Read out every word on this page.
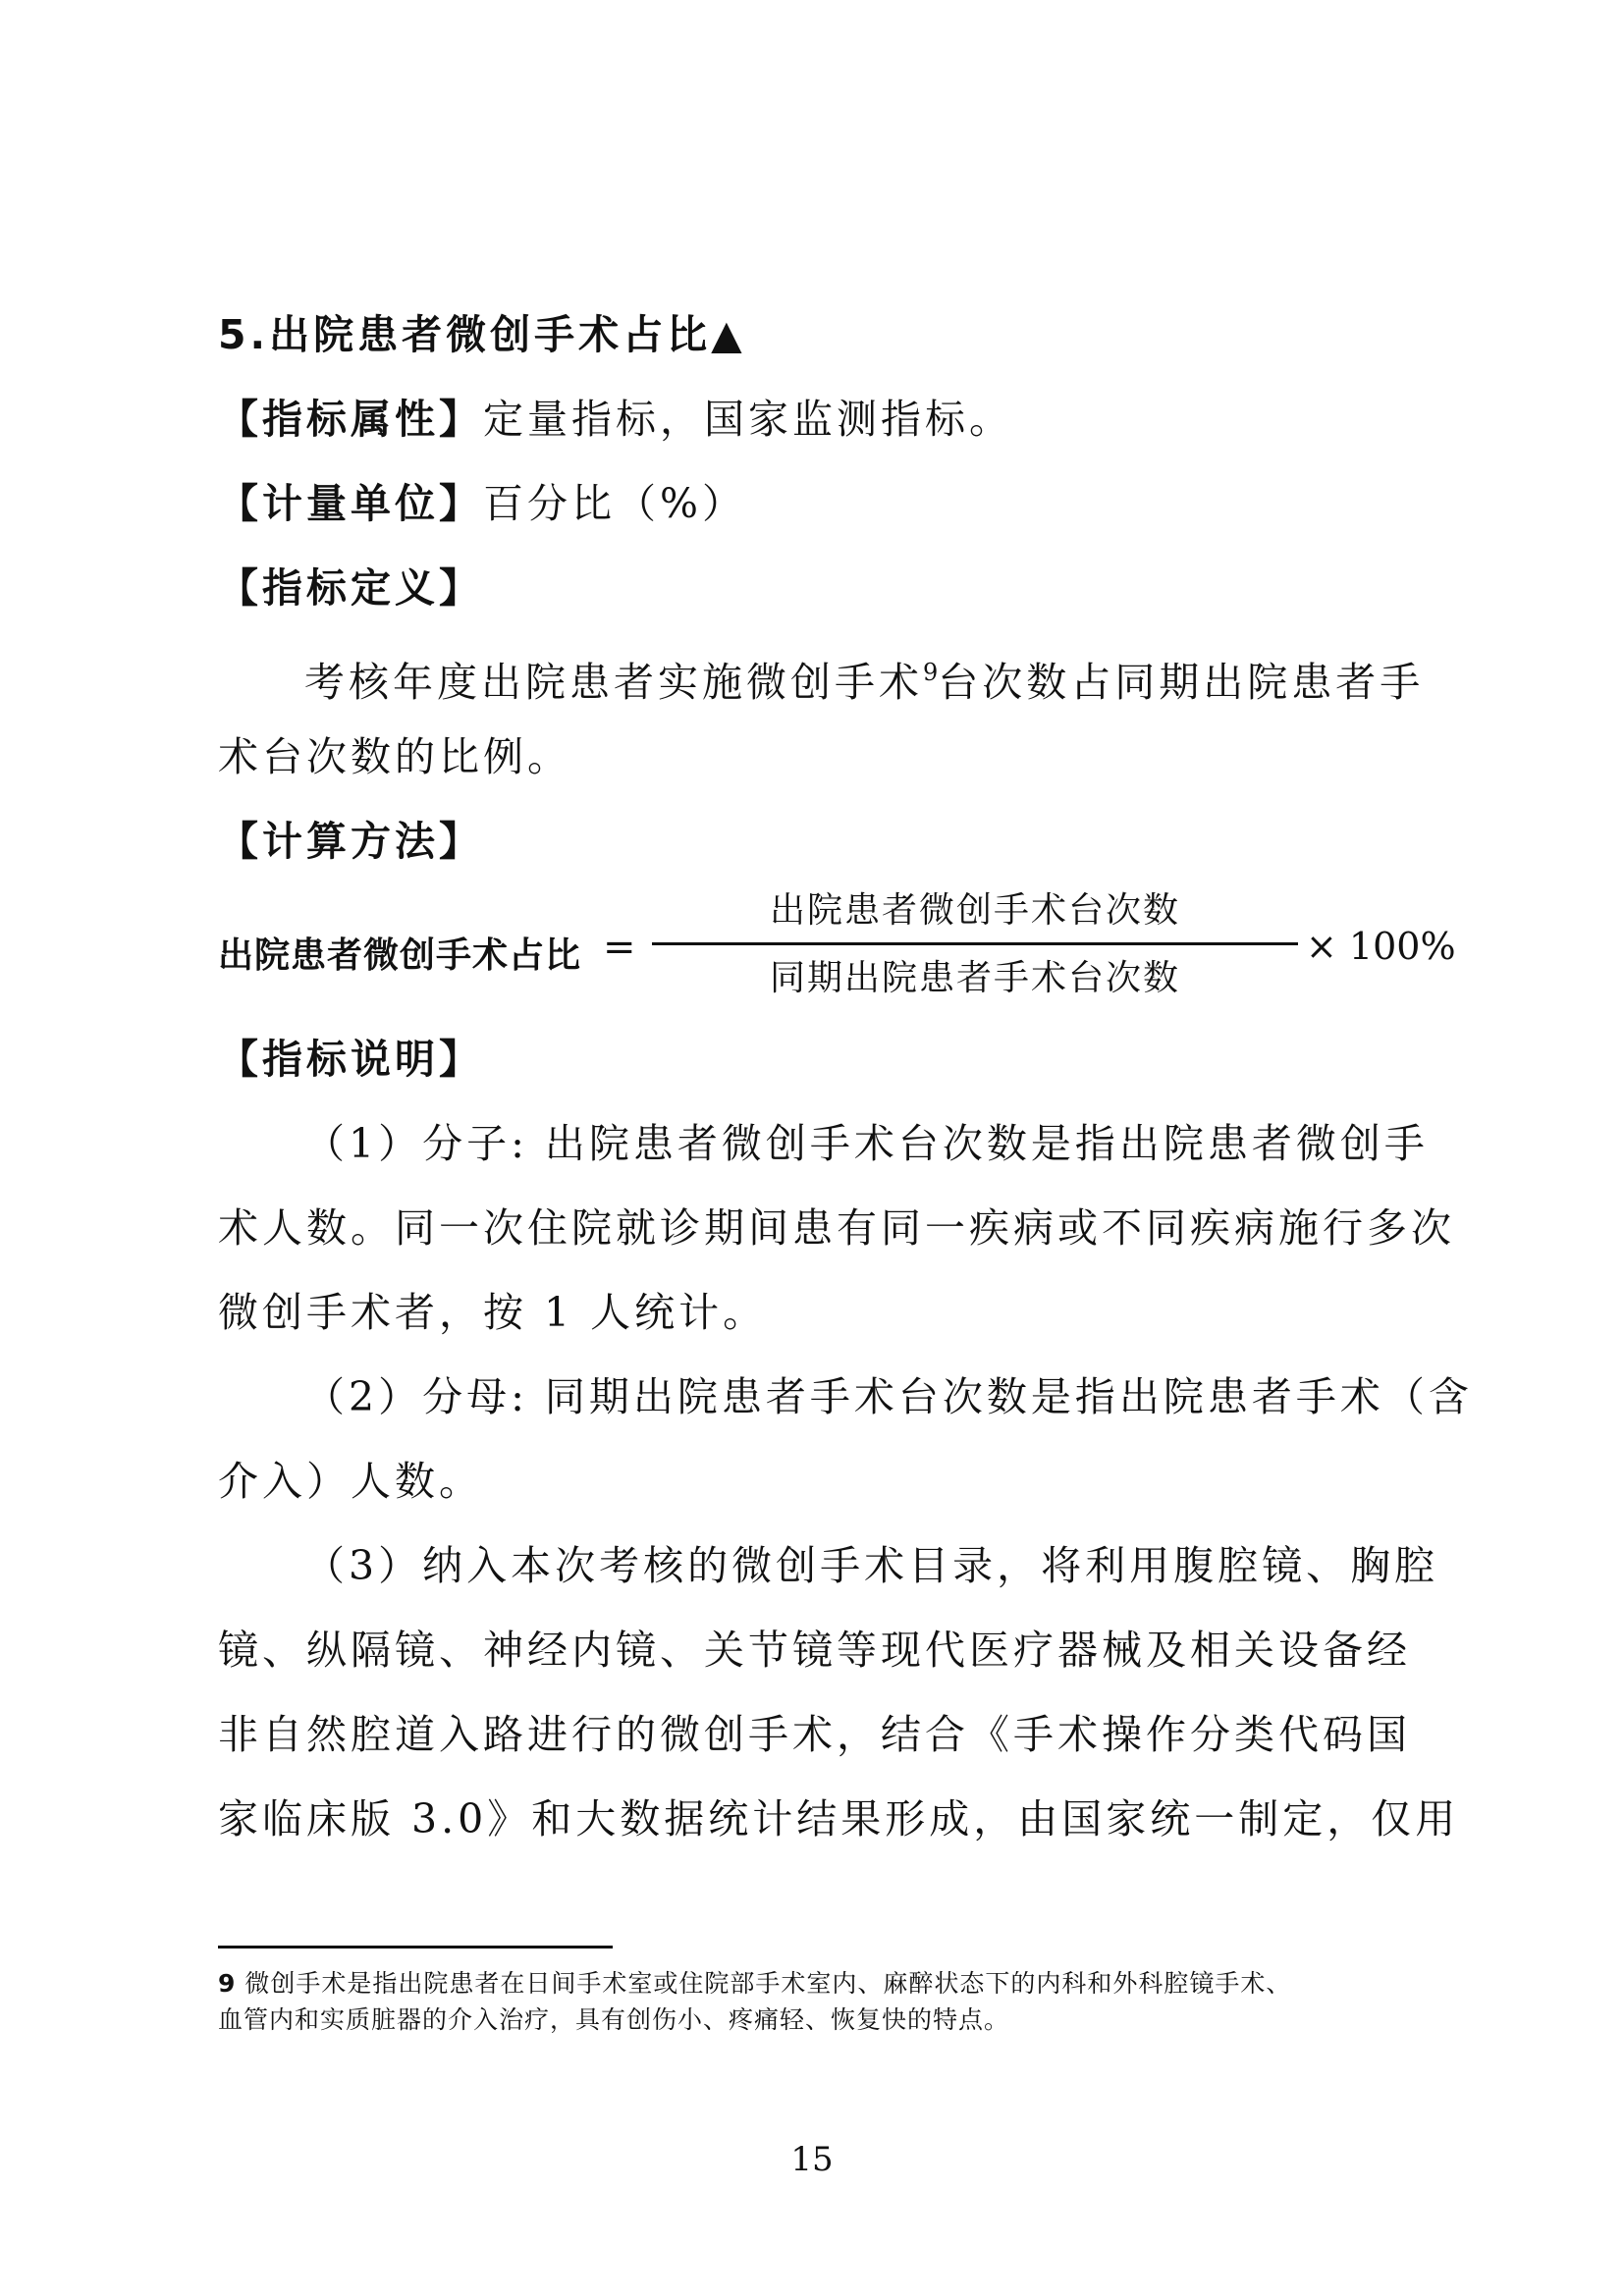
5.出院患者微创手术占比▲
【指标属性】定量指标，国家监测指标。
【计量单位】百分比（%）
【指标定义】
考核年度出院患者实施微创手术$^9$台次数占同期出院患者手
术台次数的比例。
【计算方法】
出院患者微创手术占比 =
出院患者微创手术台次数
同期出院患者手术台次数
× 100%
【指标说明】
（1）分子: 出院患者微创手术台次数是指出院患者微创手
术人数。同一次住院就诊期间患有同一疾病或不同疾病施行多次
微创手术者，按 1 人统计。
（2）分母: 同期出院患者手术台次数是指出院患者手术（含
介入）人数。
（3）纳入本次考核的微创手术目录，将利用腹腔镜、胸腔
镜、纵隔镜、神经内镜、关节镜等现代医疗器械及相关设备经
非自然腔道入路进行的微创手术，结合《手术操作分类代码国
家临床版 3.0》和大数据统计结果形成，由国家统一制定，仅用
9 微创手术是指出院患者在日间手术室或住院部手术室内、麻醉状态下的内科和外科腔镜手术、
血管内和实质脏器的介入治疗，具有创伤小、疼痛轻、恢复快的特点。
15
